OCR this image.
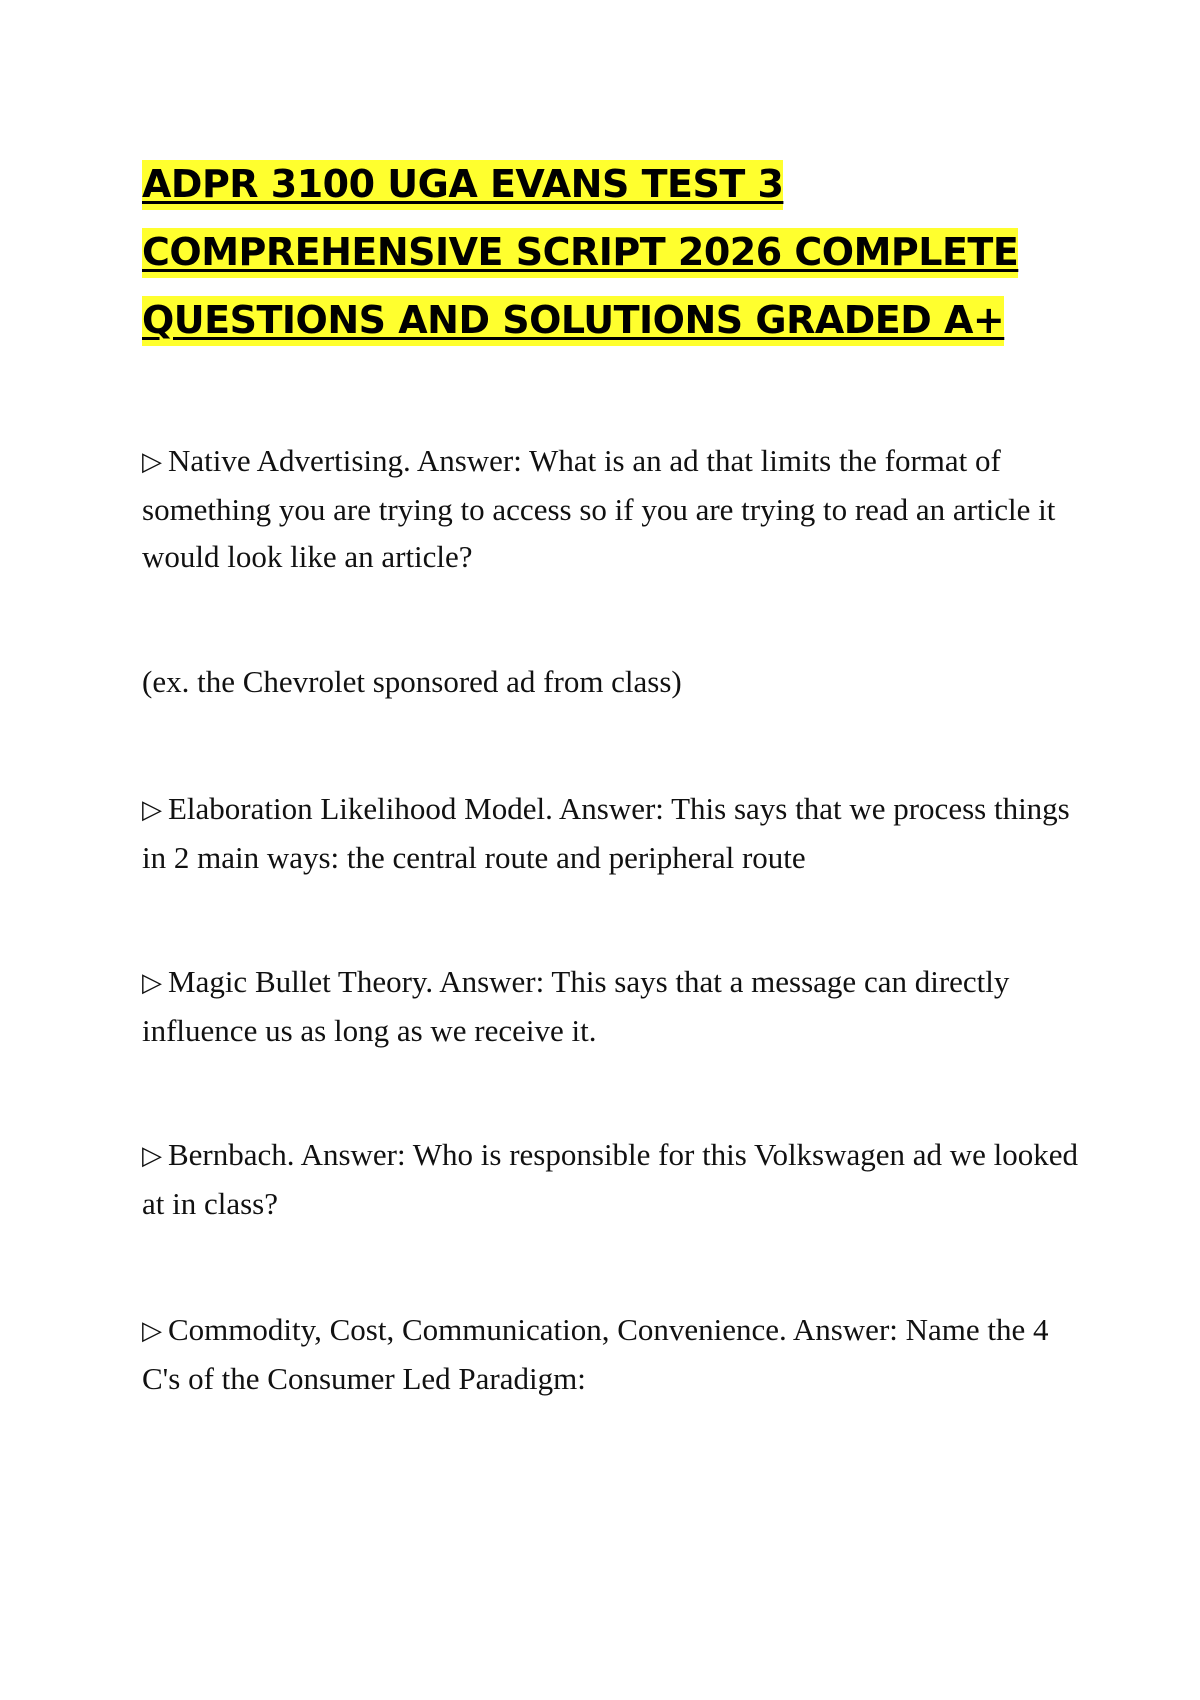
ADPR 3100 UGA EVANS TEST 3
COMPREHENSIVE SCRIPT 2026 COMPLETE
QUESTIONS AND SOLUTIONS GRADED A+

▷ Native Advertising. Answer: What is an ad that limits the format of something you are trying to access so if you are trying to read an article it would look like an article?

(ex. the Chevrolet sponsored ad from class)

▷ Elaboration Likelihood Model. Answer: This says that we process things in 2 main ways: the central route and peripheral route

▷ Magic Bullet Theory. Answer: This says that a message can directly influence us as long as we receive it.

▷ Bernbach. Answer: Who is responsible for this Volkswagen ad we looked at in class?

▷ Commodity, Cost, Communication, Convenience. Answer: Name the 4 C's of the Consumer Led Paradigm:
